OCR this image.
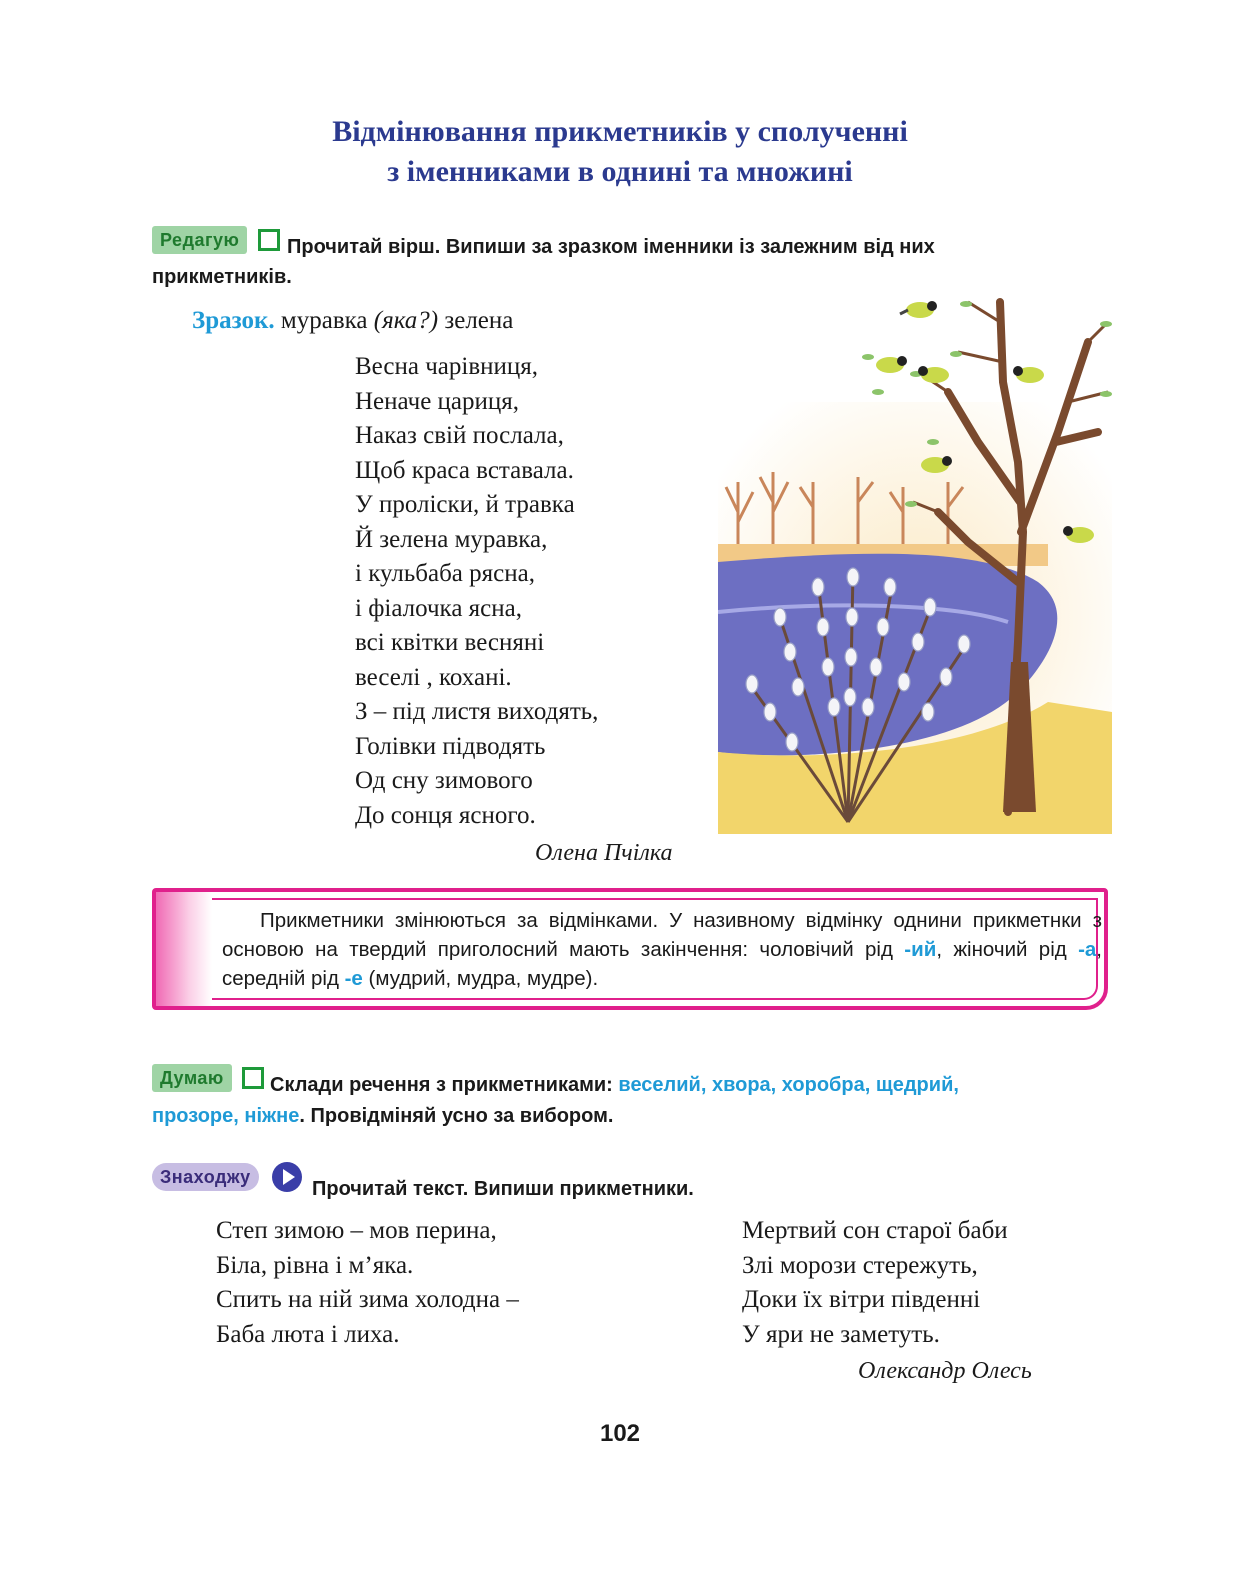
Відмінювання прикметників у сполученні
з іменниками в однині та множині
Редагую	Прочитай вірш. Випиши за зразком іменники із залежним від них
прикметників.
Зразок. муравка (яка?) зелена
Весна чарівниця,
Неначе цариця,
Наказ свій послала,
Щоб краса вставала.
У проліски, й травка
Й зелена муравка,
і кульбаба рясна,
і фіалочка ясна,
всі квітки весняні
веселі , кохані.
З – під листя виходять,
Голівки підводять
Од сну зимового
До сонця ясного.
Олена Пчілка
Прикметники змінюються за відмінками. У називному відмінку однини прикметнки з основою на твердий приголосний мають закінчення: чоловічий рід -ий, жіночий рід -а, середній рід -е (мудрий, мудра, мудре).
Думаю	Склади речення з прикметниками: веселий, хвора, хоробра, щедрий,
прозоре, ніжне. Провідміняй усно за вибором.
Знаходжу
Прочитай текст. Випиши прикметники.
Степ зимою – мов перина,
Біла, рівна і м’яка.
Спить на ній зима холодна –
Баба люта і лиха.
Мертвий сон старої баби
Злі морози стережуть,
Доки їх вітри південні
У яри не заметуть.
Олександр Олесь
102
